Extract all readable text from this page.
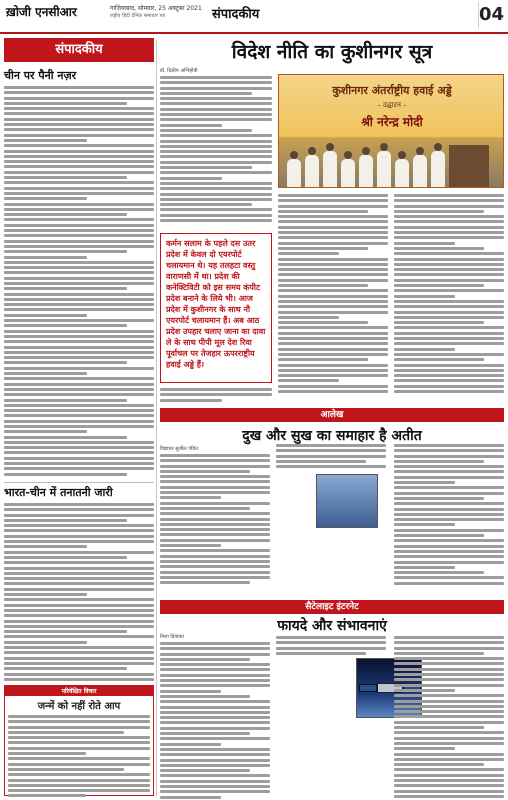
ख़ोजी एनसीआर	गाज़ियाबाद, सोमवार, 25 अक्टूबर 2021
राष्ट्रीय हिंदी दैनिक समाचार पत्र	संपादकीय	04
संपादकीय
चीन पर पैनी नज़र
भारत-चीन में तनातनी जारी
परिवेक्षित विचार
जन्में को नहीं रोते आप
विदेश नीति का कुशीनगर सूत्र
डॉ. दिलीप अग्निहोत्री
कुशीनगर अंतर्राष्ट्रीय हवाई अड्डे
– उद्घाटन –
श्री नरेन्द्र मोदी
कर्मन सलाम के पहले दस उतर प्रदेश में केवल दो एयरपोर्ट चलायमान थे। यह तलहटा वस्तु वाराणसी में था। प्रदेश की कनेक्टिविटी को इस समय कंपीट प्रदेश बनाने के लिये भी। आज प्रदेश में कुशीनगर के साथ नौ एयरपोर्ट चलायमान हैं। अब आठ प्रदेश उपहार चलाए जाना का दावा ले के साथ पीपी मूल देश रिवा पूर्वाचल पर तेजहार ऊपरराष्ट्रीय हवाई अड्डे हैं।
आलेख
दुख और सुख का समाहार है अतीत
विद्याधर सुशील पंडित
सैटेलाइट इंटरनेट
फायदे और संभावनाएं
निशा दिवाकर
